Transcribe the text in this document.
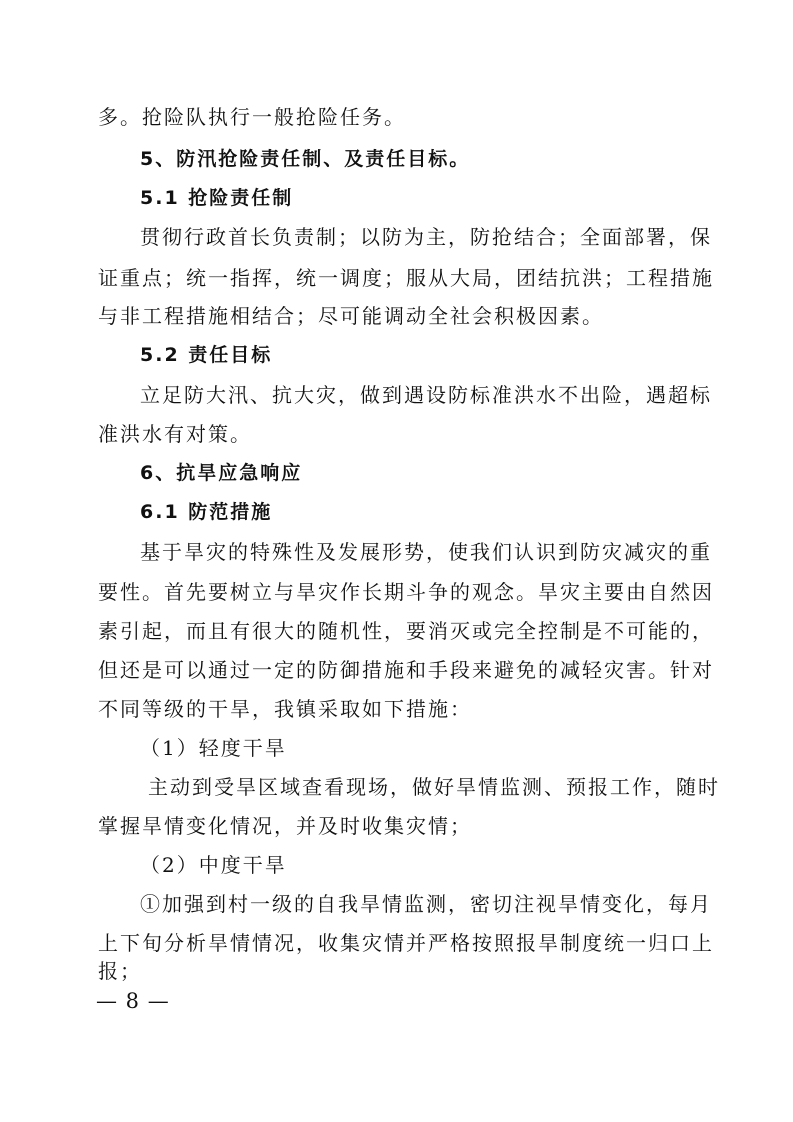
多。抢险队执行一般抢险任务。
5、防汛抢险责任制、及责任目标。
5.1 抢险责任制
贯彻行政首长负责制；以防为主，防抢结合；全面部署，保
证重点；统一指挥，统一调度；服从大局，团结抗洪；工程措施
与非工程措施相结合；尽可能调动全社会积极因素。
5.2 责任目标
立足防大汛、抗大灾，做到遇设防标准洪水不出险，遇超标
准洪水有对策。
6、抗旱应急响应
6.1 防范措施
基于旱灾的特殊性及发展形势，使我们认识到防灾减灾的重
要性。首先要树立与旱灾作长期斗争的观念。旱灾主要由自然因
素引起，而且有很大的随机性，要消灭或完全控制是不可能的，
但还是可以通过一定的防御措施和手段来避免的减轻灾害。针对
不同等级的干旱，我镇采取如下措施：
（1）轻度干旱
主动到受旱区域查看现场，做好旱情监测、预报工作，随时
掌握旱情变化情况，并及时收集灾情；
（2）中度干旱
①加强到村一级的自我旱情监测，密切注视旱情变化，每月
上下旬分析旱情情况，收集灾情并严格按照报旱制度统一归口上
报；
— 8 —
